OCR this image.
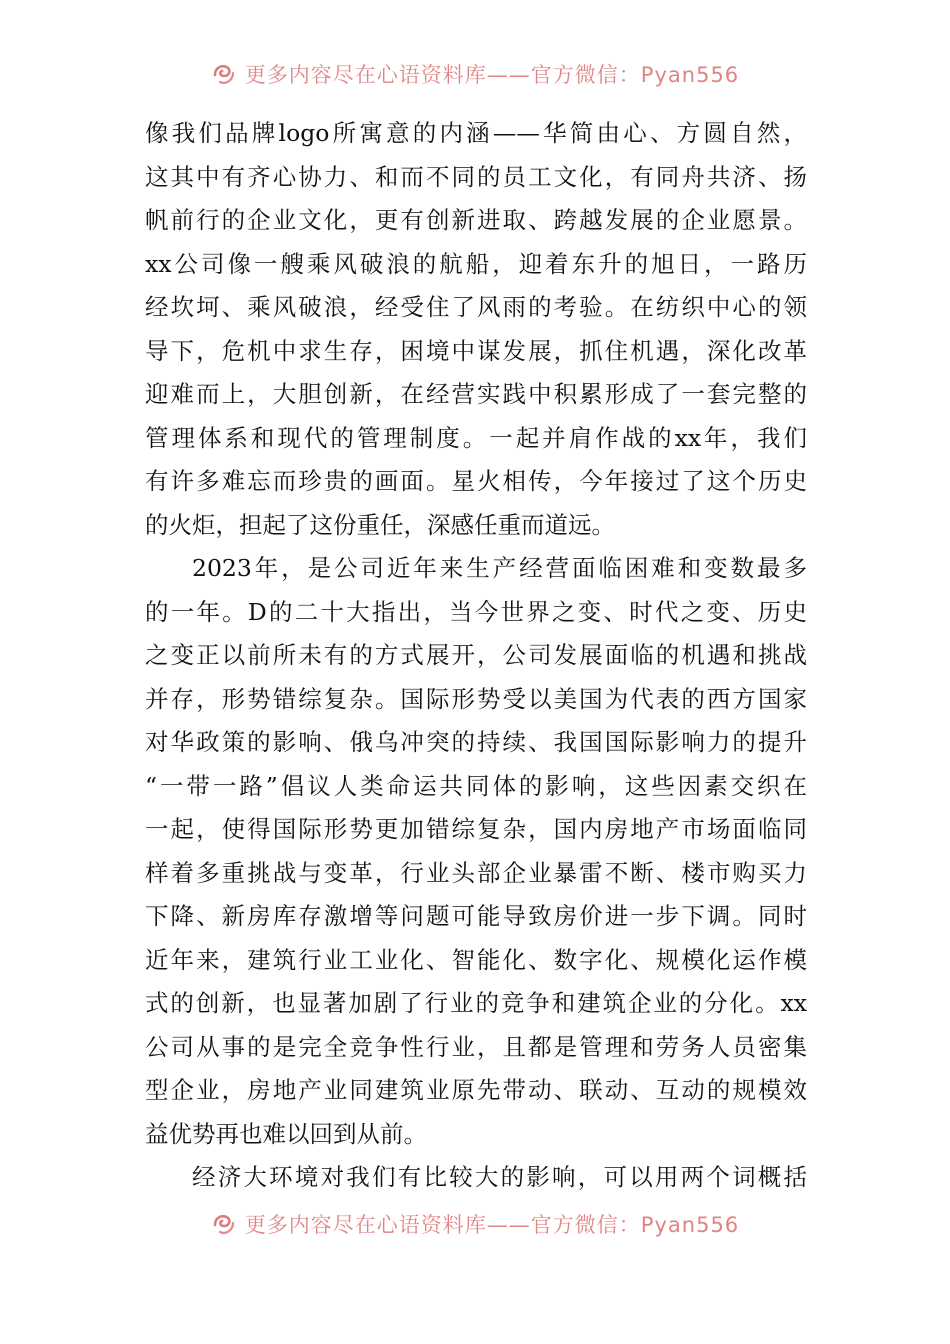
更多内容尽在心语资料库——官方微信：Pyan556
像我们品牌logo所寓意的内涵——华简由心、方圆自然，
这其中有齐心协力、和而不同的员工文化，有同舟共济、扬
帆前行的企业文化，更有创新进取、跨越发展的企业愿景。
xx公司像一艘乘风破浪的航船，迎着东升的旭日，一路历
经坎坷、乘风破浪，经受住了风雨的考验。在纺织中心的领
导下，危机中求生存，困境中谋发展，抓住机遇，深化改革
迎难而上，大胆创新，在经营实践中积累形成了一套完整的
管理体系和现代的管理制度。一起并肩作战的xx年，我们
有许多难忘而珍贵的画面。星火相传，今年接过了这个历史
的火炬，担起了这份重任，深感任重而道远。
2023年，是公司近年来生产经营面临困难和变数最多
的一年。D的二十大指出，当今世界之变、时代之变、历史
之变正以前所未有的方式展开，公司发展面临的机遇和挑战
并存，形势错综复杂。国际形势受以美国为代表的西方国家
对华政策的影响、俄乌冲突的持续、我国国际影响力的提升
“一带一路”倡议人类命运共同体的影响，这些因素交织在
一起，使得国际形势更加错综复杂，国内房地产市场面临同
样着多重挑战与变革，行业头部企业暴雷不断、楼市购买力
下降、新房库存激增等问题可能导致房价进一步下调。同时
近年来，建筑行业工业化、智能化、数字化、规模化运作模
式的创新，也显著加剧了行业的竞争和建筑企业的分化。xx
公司从事的是完全竞争性行业，且都是管理和劳务人员密集
型企业，房地产业同建筑业原先带动、联动、互动的规模效
益优势再也难以回到从前。
经济大环境对我们有比较大的影响，可以用两个词概括
更多内容尽在心语资料库——官方微信：Pyan556
